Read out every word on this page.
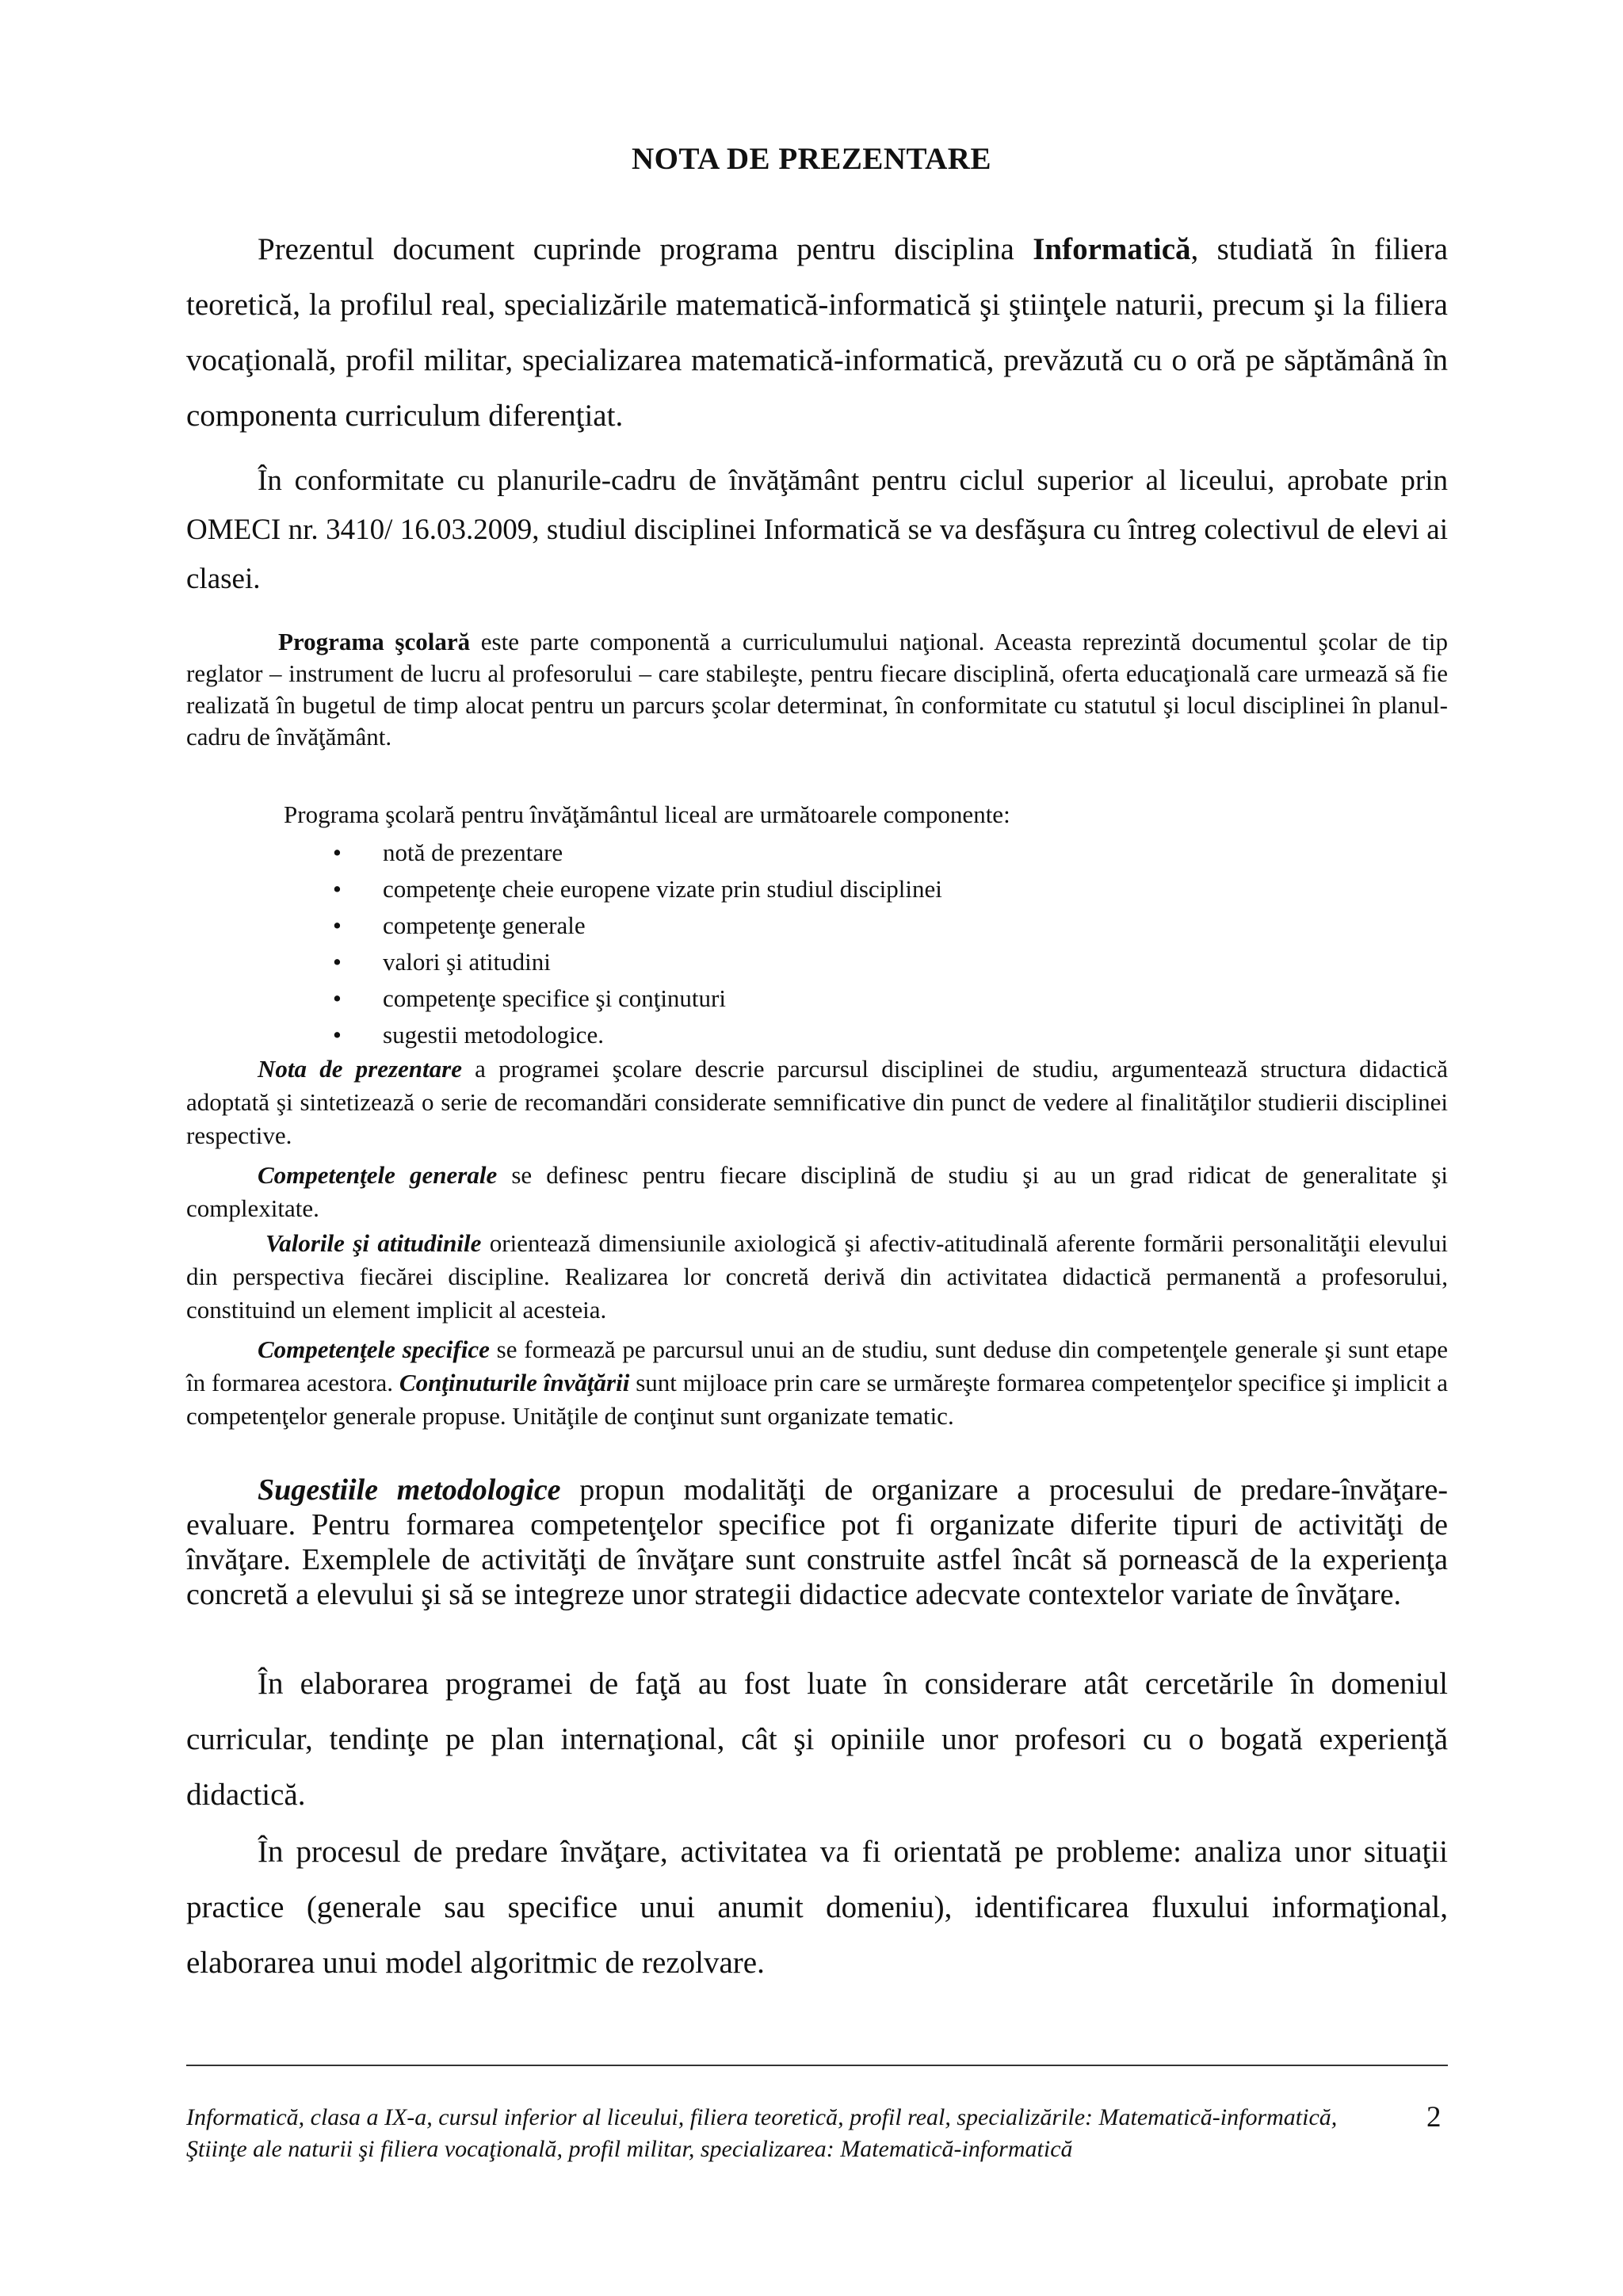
NOTA DE PREZENTARE

Prezentul document cuprinde programa pentru disciplina Informatică, studiată în filiera teoretică, la profilul real, specializările matematică-informatică şi ştiinţele naturii, precum şi la filiera vocaţională, profil militar, specializarea matematică-informatică, prevăzută cu o oră pe săptămână în componenta curriculum diferenţiat.

În conformitate cu planurile-cadru de învăţământ pentru ciclul superior al liceului, aprobate prin OMECI nr. 3410/ 16.03.2009, studiul disciplinei Informatică se va desfăşura cu întreg colectivul de elevi ai clasei.

Programa şcolară este parte componentă a curriculumului naţional. Aceasta reprezintă documentul şcolar de tip reglator – instrument de lucru al profesorului – care stabileşte, pentru fiecare disciplină, oferta educaţională care urmează să fie realizată în bugetul de timp alocat pentru un parcurs şcolar determinat, în conformitate cu statutul şi locul disciplinei în planul-cadru de învăţământ.

Programa şcolară pentru învăţământul liceal are următoarele componente:
• notă de prezentare
• competenţe cheie europene vizate prin studiul disciplinei
• competenţe generale
• valori şi atitudini
• competenţe specifice şi conţinuturi
• sugestii metodologice.

Nota de prezentare a programei şcolare descrie parcursul disciplinei de studiu, argumentează structura didactică adoptată şi sintetizează o serie de recomandări considerate semnificative din punct de vedere al finalităţilor studierii disciplinei respective.

Competenţele generale se definesc pentru fiecare disciplină de studiu şi au un grad ridicat de generalitate şi complexitate.

Valorile şi atitudinile orientează dimensiunile axiologică şi afectiv-atitudinală aferente formării personalităţii elevului din perspectiva fiecărei discipline. Realizarea lor concretă derivă din activitatea didactică permanentă a profesorului, constituind un element implicit al acesteia.

Competenţele specifice se formează pe parcursul unui an de studiu, sunt deduse din competenţele generale şi sunt etape în formarea acestora. Conţinuturile învăţării sunt mijloace prin care se urmăreşte formarea competenţelor specifice şi implicit a competenţelor generale propuse. Unităţile de conţinut sunt organizate tematic.

Sugestiile metodologice propun modalităţi de organizare a procesului de predare-învăţare-evaluare. Pentru formarea competenţelor specifice pot fi organizate diferite tipuri de activităţi de învăţare. Exemplele de activităţi de învăţare sunt construite astfel încât să pornească de la experienţa concretă a elevului şi să se integreze unor strategii didactice adecvate contextelor variate de învăţare.

În elaborarea programei de faţă au fost luate în considerare atât cercetările în domeniul curricular, tendinţe pe plan internaţional, cât şi opiniile unor profesori cu o bogată experienţă didactică.

În procesul de predare învăţare, activitatea va fi orientată pe probleme: analiza unor situaţii practice (generale sau specifice unui anumit domeniu), identificarea fluxului informaţional, elaborarea unui model algoritmic de rezolvare.

Informatică, clasa a IX-a, cursul inferior al liceului, filiera teoretică, profil real, specializările: Matematică-informatică, Ştiinţe ale naturii şi filiera vocaţională, profil militar, specializarea: Matematică-informatică
2
